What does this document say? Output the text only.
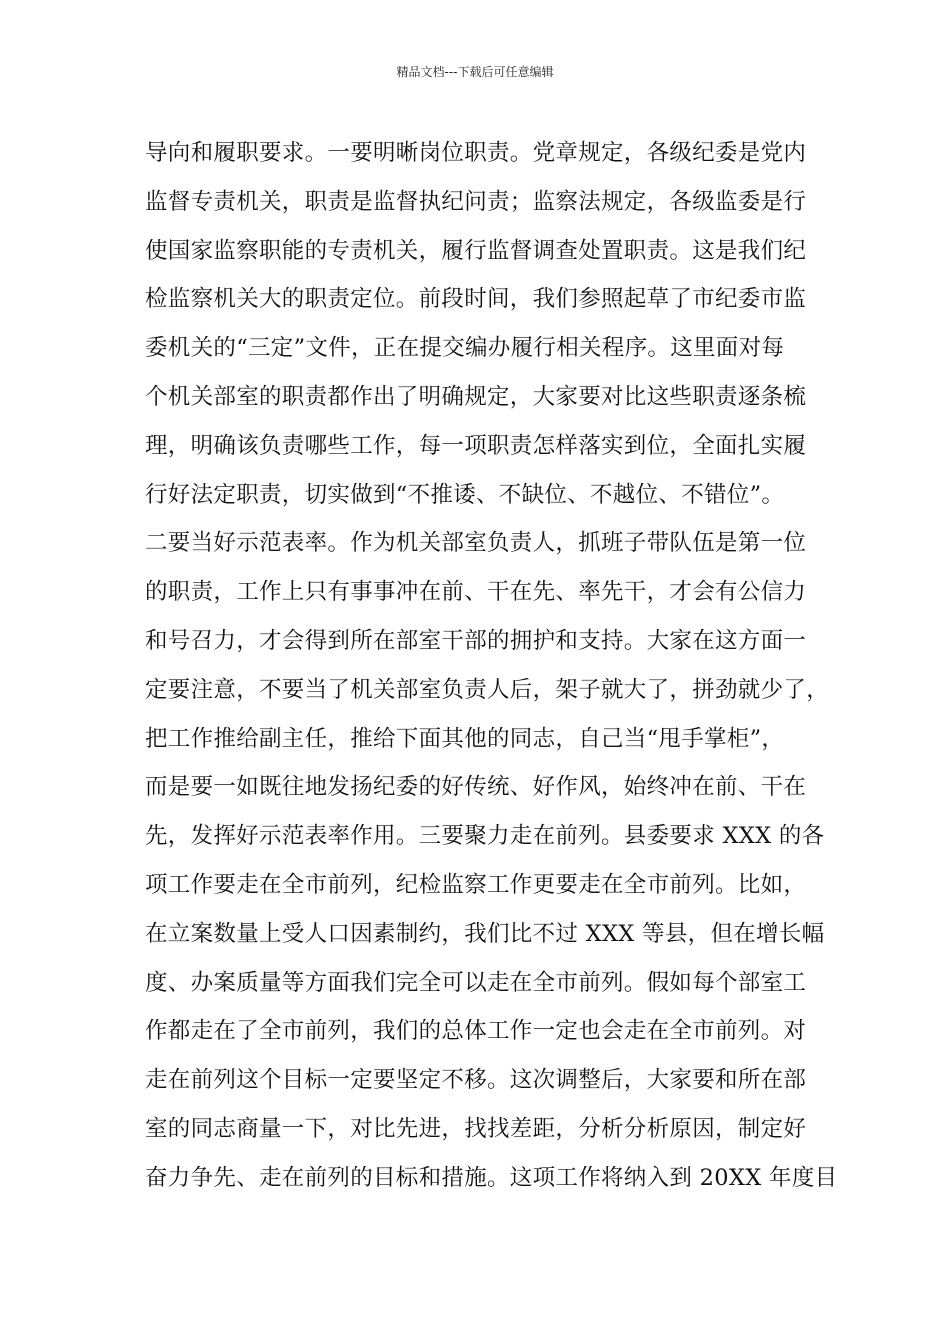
精品文档---下载后可任意编辑
导向和履职要求。一要明晰岗位职责。党章规定，各级纪委是党内
监督专责机关，职责是监督执纪问责；监察法规定，各级监委是行
使国家监察职能的专责机关，履行监督调查处置职责。这是我们纪
检监察机关大的职责定位。前段时间，我们参照起草了市纪委市监
委机关的“三定”文件，正在提交编办履行相关程序。这里面对每
个机关部室的职责都作出了明确规定，大家要对比这些职责逐条梳
理，明确该负责哪些工作，每一项职责怎样落实到位，全面扎实履
行好法定职责，切实做到“不推诿、不缺位、不越位、不错位”。
二要当好示范表率。作为机关部室负责人，抓班子带队伍是第一位
的职责，工作上只有事事冲在前、干在先、率先干，才会有公信力
和号召力，才会得到所在部室干部的拥护和支持。大家在这方面一
定要注意，不要当了机关部室负责人后，架子就大了，拼劲就少了，
把工作推给副主任，推给下面其他的同志，自己当“甩手掌柜”，
而是要一如既往地发扬纪委的好传统、好作风，始终冲在前、干在
先，发挥好示范表率作用。三要聚力走在前列。县委要求 XXX 的各
项工作要走在全市前列，纪检监察工作更要走在全市前列。比如，
在立案数量上受人口因素制约，我们比不过 XXX 等县，但在增长幅
度、办案质量等方面我们完全可以走在全市前列。假如每个部室工
作都走在了全市前列，我们的总体工作一定也会走在全市前列。对
走在前列这个目标一定要坚定不移。这次调整后，大家要和所在部
室的同志商量一下，对比先进，找找差距，分析分析原因，制定好
奋力争先、走在前列的目标和措施。这项工作将纳入到 20XX 年度目
